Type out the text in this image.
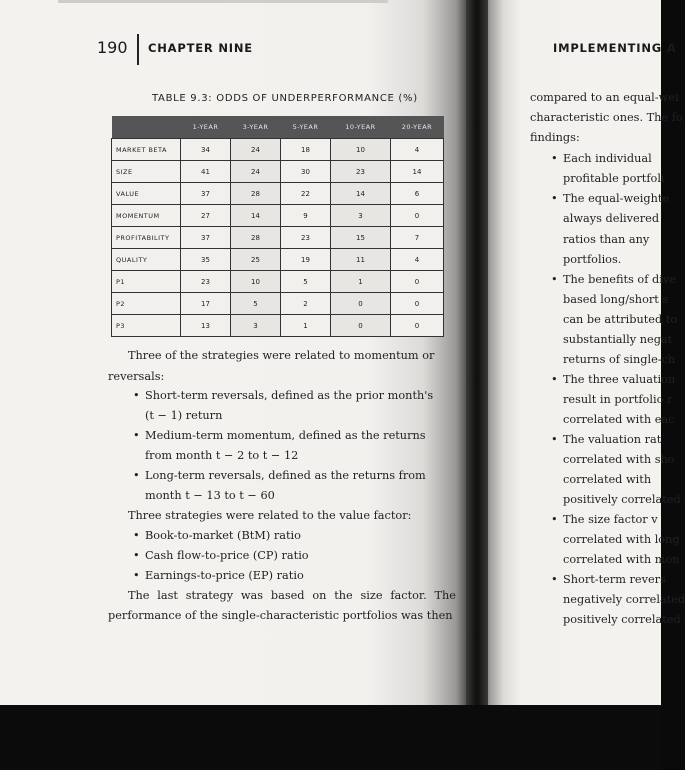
190 CHAPTER NINE	IMPLEMENTING A
TABLE 9.3: ODDS OF UNDERPERFORMANCE (%)
	1-YEAR	3-YEAR	5-YEAR	10-YEAR	20-YEAR
MARKET BETA	34	24	18	10	4
SIZE	41	24	30	23	14
VALUE	37	28	22	14	6
MOMENTUM	27	14	9	3	0
PROFITABILITY	37	28	23	15	7
QUALITY	35	25	19	11	4
P1	23	10	5	1	0
P2	17	5	2	0	0
P3	13	3	1	0	0
Three of the strategies were related to momentum or
reversals:
• Short-term reversals, defined as the prior month's
(t − 1) return
• Medium-term momentum, defined as the returns
from month t − 2 to t − 12
• Long-term reversals, defined as the returns from
month t − 13 to t − 60
Three strategies were related to the value factor:
• Book-to-market (BtM) ratio
• Cash flow-to-price (CP) ratio
• Earnings-to-price (EP) ratio
The last strategy was based on the size factor. The
performance of the single-characteristic portfolios was then
compared to an equal-wei
characteristic ones. The fo
findings:
Each individual
•
profitable portfoli
The equal-weighte
•
always delivered
ratios than any
portfolios.
The benefits of dive
•
based long/short s
can be attributed to
substantially negat
returns of single-ch
The three valuation
•
result in portfolio r
correlated with eac
The valuation rat
•
correlated with sho
correlated with
positively correlated
The size factor v
•
correlated with long
correlated with mon
Short-term revers
•
negatively correlated
positively correlated
